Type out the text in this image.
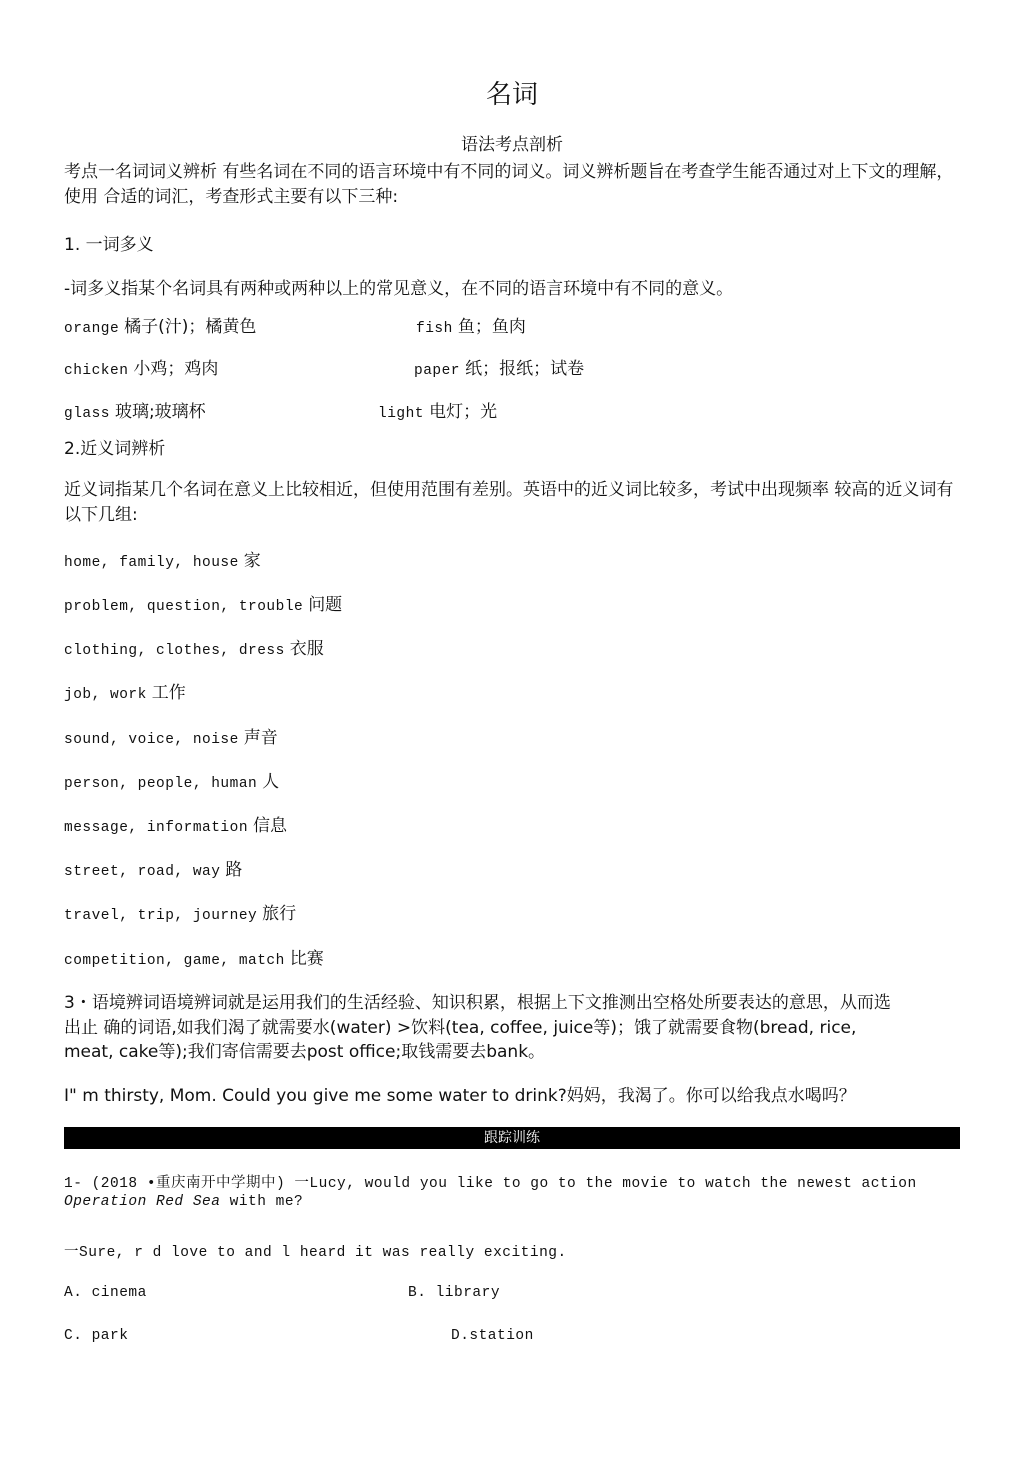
名词
语法考点剖析
考点一名词词义辨析 有些名词在不同的语言环境中有不同的词义。词义辨析题旨在考查学生能否通过对上下文的理解，使用 合适的词汇，考查形式主要有以下三种:
1. 一词多义
-词多义指某个名词具有两种或两种以上的常见意义，在不同的语言环境中有不同的意义。
orange 橘子(汁)；橘黄色	fish 鱼；鱼肉
chicken 小鸡；鸡肉	paper 纸；报纸；试卷
glass 玻璃;玻璃杯	light 电灯；光
2.近义词辨析
近义词指某几个名词在意义上比较相近，但使用范围有差别。英语中的近义词比较多，考试中出现频率 较高的近义词有以下几组:
home, family, house 家
problem, question, trouble 问题
clothing, clothes, dress 衣服
job, work 工作
sound, voice, noise 声音
person, people, human 人
message, information 信息
street, road, way 路
travel, trip, journey 旅行
competition, game, match 比赛
3・语境辨词语境辨词就是运用我们的生活经验、知识积累，根据上下文推测出空格处所要表达的意思，从而选
出止 确的词语,如我们渴了就需要水(water) >饮料(tea, coffee, juice等)；饿了就需要食物(bread, rice,
meat, cake等);我们寄信需要去post office;取钱需要去bank。
I" m thirsty, Mom. Could you give me some water to drink?妈妈，我渴了。你可以给我点水喝吗？
跟踪训练
1- (2018 •重庆南开中学期中) 一Lucy, would you like to go to the movie to watch the newest action
Operation Red Sea with me?
一Sure, r d love to and l heard it was really exciting.
A. cinema	B. library
C. park	D.station
